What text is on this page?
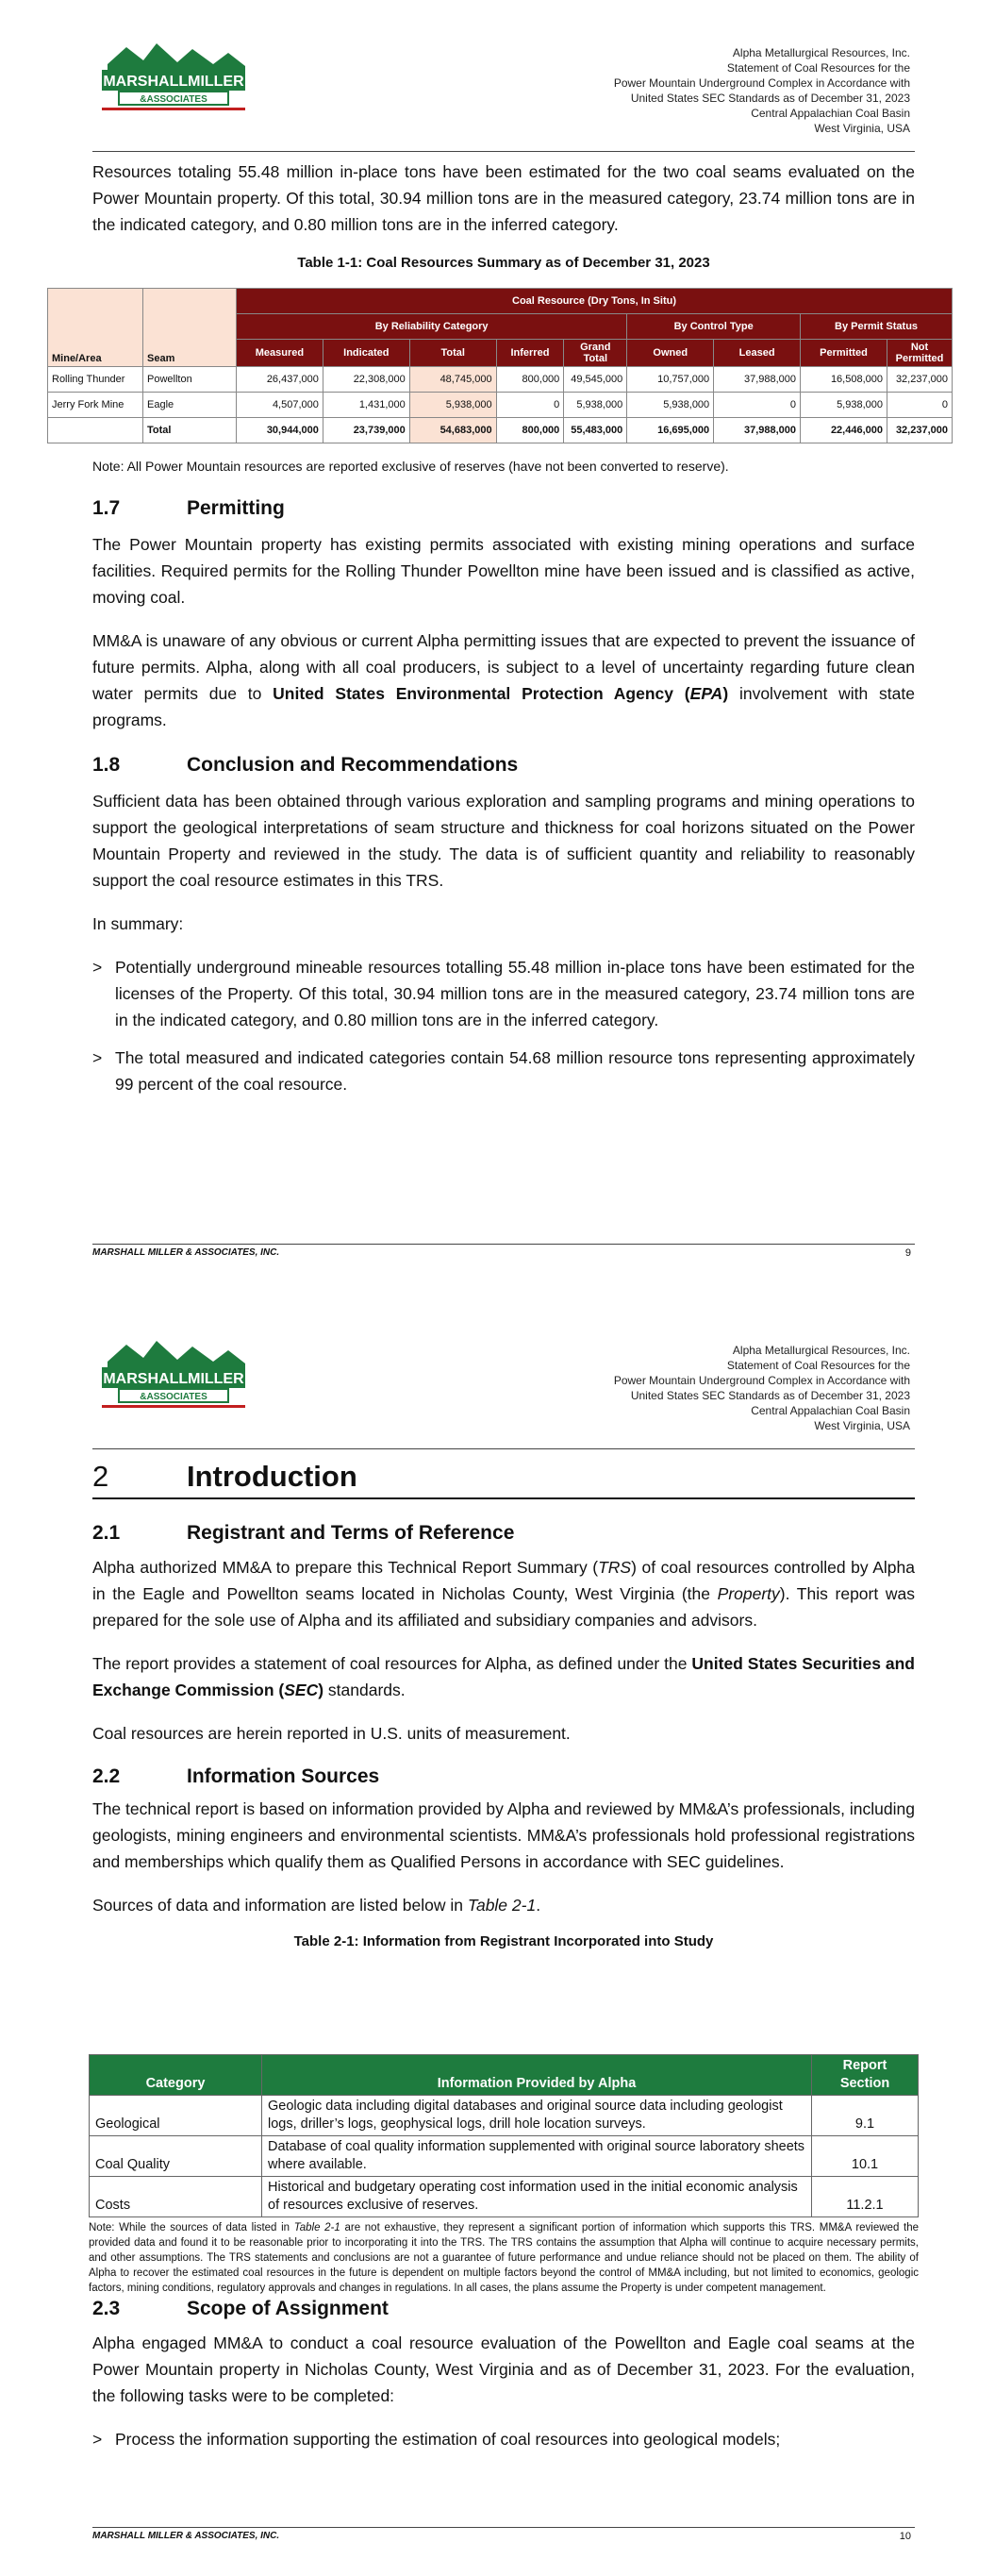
MARSHALLMILLER
&ASSOCIATES
Alpha Metallurgical Resources, Inc.
Statement of Coal Resources for the
Power Mountain Underground Complex in Accordance with
United States SEC Standards as of December 31, 2023
Central Appalachian Coal Basin
West Virginia, USA

Resources totaling 55.48 million in-place tons have been estimated for the two coal seams evaluated on the Power Mountain property. Of this total, 30.94 million tons are in the measured category, 23.74 million tons are in the indicated category, and 0.80 million tons are in the inferred category.

Table 1-1: Coal Resources Summary as of December 31, 2023
Mine/Area	Seam	Coal Resource (Dry Tons, In Situ)								
		By Reliability Category					By Control Type		By Permit Status	
		Measured	Indicated	Total	Inferred	Grand Total	Owned	Leased	Permitted	Not Permitted
Rolling Thunder	Powellton	26,437,000	22,308,000	48,745,000	800,000	49,545,000	10,757,000	37,988,000	16,508,000	32,237,000
Jerry Fork Mine	Eagle	4,507,000	1,431,000	5,938,000	0	5,938,000	5,938,000	0	5,938,000	0
	Total	30,944,000	23,739,000	54,683,000	800,000	55,483,000	16,695,000	37,988,000	22,446,000	32,237,000
Note: All Power Mountain resources are reported exclusive of reserves (have not been converted to reserve).
1.7	Permitting

The Power Mountain property has existing permits associated with existing mining operations and surface facilities. Required permits for the Rolling Thunder Powellton mine have been issued and is classified as active, moving coal.

MM&A is unaware of any obvious or current Alpha permitting issues that are expected to prevent the issuance of future permits. Alpha, along with all coal producers, is subject to a level of uncertainty regarding future clean water permits due to United States Environmental Protection Agency (EPA) involvement with state programs.

1.8	Conclusion and Recommendations

Sufficient data has been obtained through various exploration and sampling programs and mining operations to support the geological interpretations of seam structure and thickness for coal horizons situated on the Power Mountain Property and reviewed in the study. The data is of sufficient quantity and reliability to reasonably support the coal resource estimates in this TRS.

In summary:

> Potentially underground mineable resources totalling 55.48 million in-place tons have been estimated for the licenses of the Property. Of this total, 30.94 million tons are in the measured category, 23.74 million tons are in the indicated category, and 0.80 million tons are in the inferred category.
> The total measured and indicated categories contain 54.68 million resource tons representing approximately 99 percent of the coal resource.
MARSHALL MILLER & ASSOCIATES, INC.	9
MARSHALLMILLER
&ASSOCIATES
Alpha Metallurgical Resources, Inc.
Statement of Coal Resources for the
Power Mountain Underground Complex in Accordance with
United States SEC Standards as of December 31, 2023
Central Appalachian Coal Basin
West Virginia, USA
2	Introduction
2.1	Registrant and Terms of Reference

Alpha authorized MM&A to prepare this Technical Report Summary (TRS) of coal resources controlled by Alpha in the Eagle and Powellton seams located in Nicholas County, West Virginia (the Property). This report was prepared for the sole use of Alpha and its affiliated and subsidiary companies and advisors.

The report provides a statement of coal resources for Alpha, as defined under the United States Securities and Exchange Commission (SEC) standards.

Coal resources are herein reported in U.S. units of measurement.

2.2	Information Sources

The technical report is based on information provided by Alpha and reviewed by MM&A’s professionals, including geologists, mining engineers and environmental scientists. MM&A’s professionals hold professional registrations and memberships which qualify them as Qualified Persons in accordance with SEC guidelines.

Sources of data and information are listed below in Table 2-1.

Table 2-1: Information from Registrant Incorporated into Study
Category	Information Provided by Alpha	Report Section
Geological	Geologic data including digital databases and original source data including geologist logs, driller’s logs, geophysical logs, drill hole location surveys.	9.1
Coal Quality	Database of coal quality information supplemented with original source laboratory sheets where available.	10.1
Costs	Historical and budgetary operating cost information used in the initial economic analysis of resources exclusive of reserves.	11.2.1
Note: While the sources of data listed in Table 2-1 are not exhaustive, they represent a significant portion of information which supports this TRS. MM&A reviewed the provided data and found it to be reasonable prior to incorporating it into the TRS. The TRS contains the assumption that Alpha will continue to acquire necessary permits, and other assumptions. The TRS statements and conclusions are not a guarantee of future performance and undue reliance should not be placed on them. The ability of Alpha to recover the estimated coal resources in the future is dependent on multiple factors beyond the control of MM&A including, but not limited to economics, geologic factors, mining conditions, regulatory approvals and changes in regulations. In all cases, the plans assume the Property is under competent management.
2.3	Scope of Assignment

Alpha engaged MM&A to conduct a coal resource evaluation of the Powellton and Eagle coal seams at the Power Mountain property in Nicholas County, West Virginia and as of December 31, 2023. For the evaluation, the following tasks were to be completed:

> Process the information supporting the estimation of coal resources into geological models;
MARSHALL MILLER & ASSOCIATES, INC.	10
